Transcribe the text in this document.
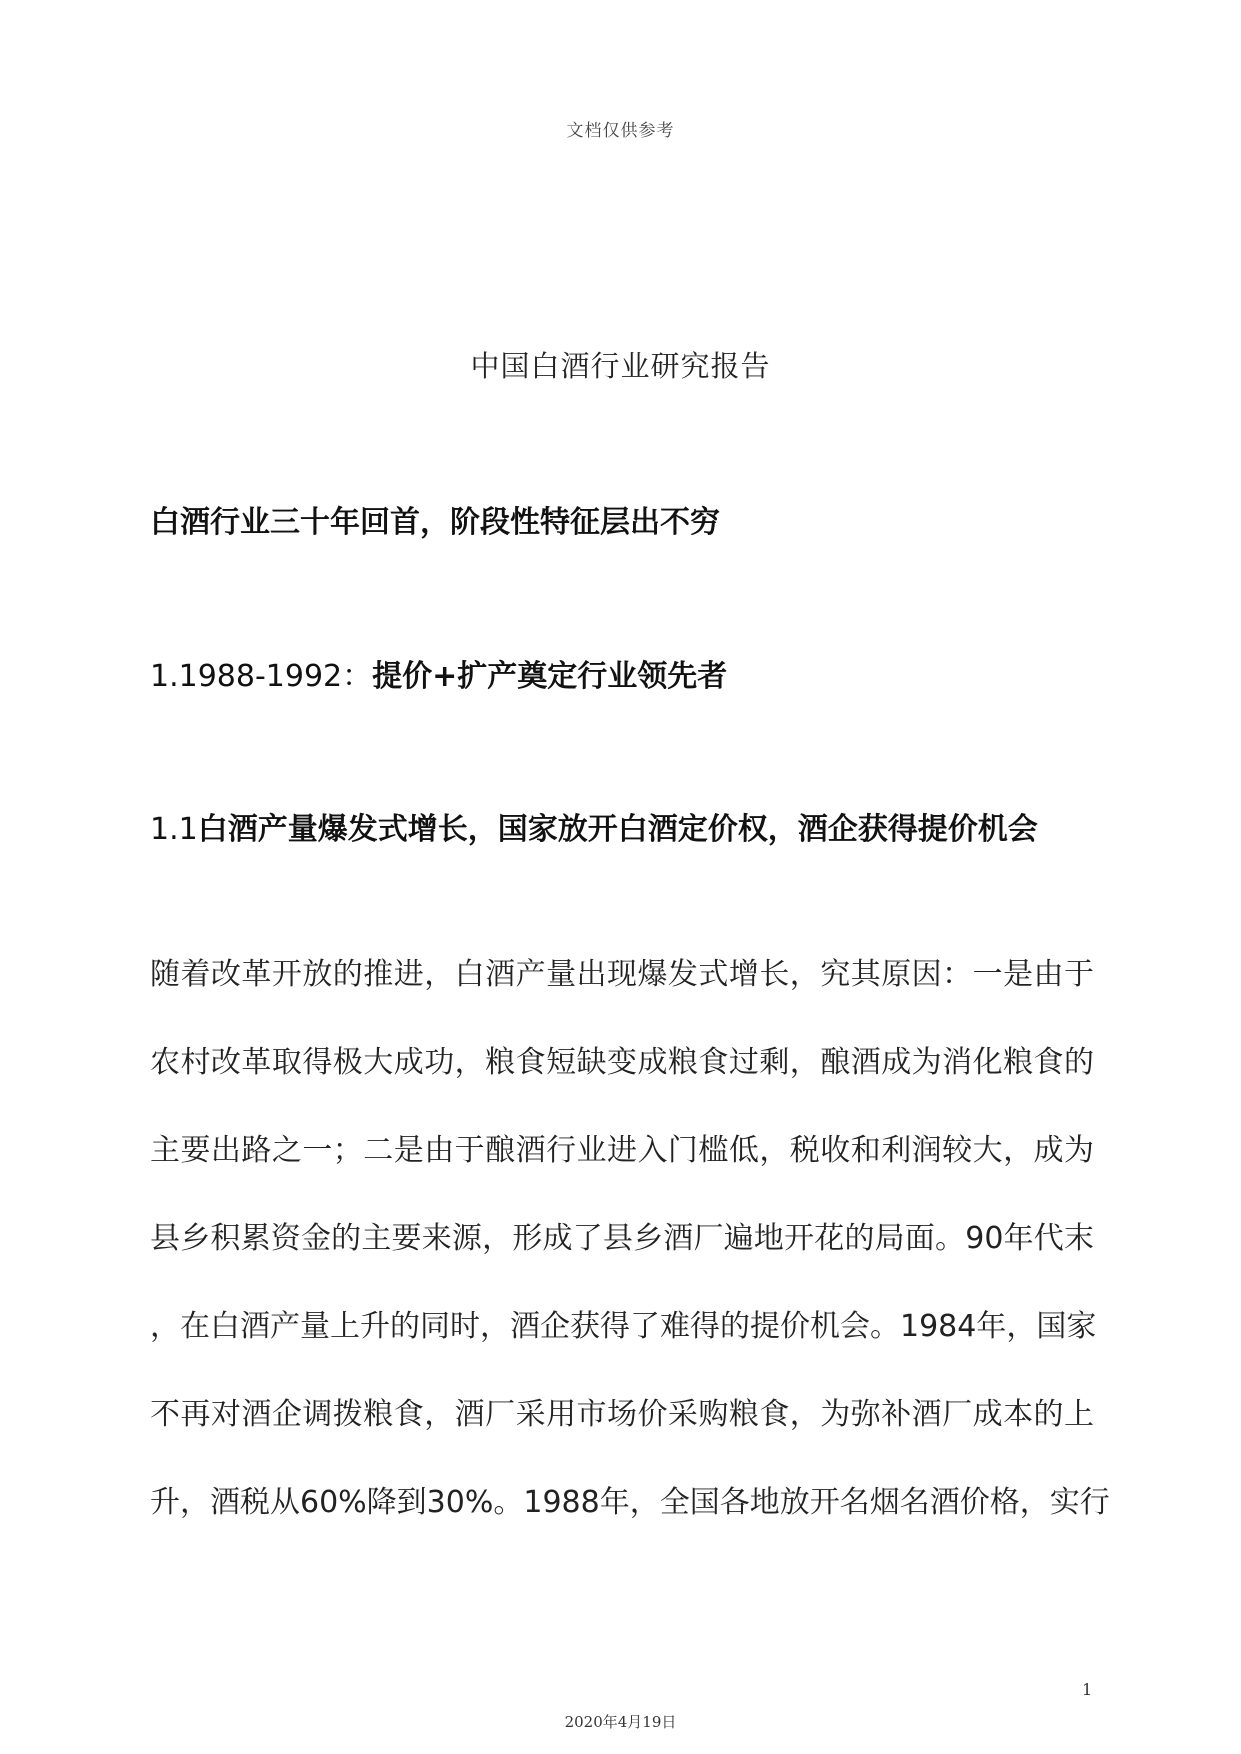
文档仅供参考
中国白酒行业研究报告
白酒行业三十年回首，阶段性特征层出不穷
1.1988-1992：提价+扩产奠定行业领先者
1.1白酒产量爆发式增长，国家放开白酒定价权，酒企获得提价机会
随着改革开放的推进，白酒产量出现爆发式增长，究其原因：一是由于
农村改革取得极大成功，粮食短缺变成粮食过剩，酿酒成为消化粮食的
主要出路之一；二是由于酿酒行业进入门槛低，税收和利润较大，成为
县乡积累资金的主要来源，形成了县乡酒厂遍地开花的局面。90年代末
，在白酒产量上升的同时，酒企获得了难得的提价机会。1984年，国家
不再对酒企调拨粮食，酒厂采用市场价采购粮食，为弥补酒厂成本的上
升，酒税从60%降到30%。1988年，全国各地放开名烟名酒价格，实行
1
2020年4月19日
